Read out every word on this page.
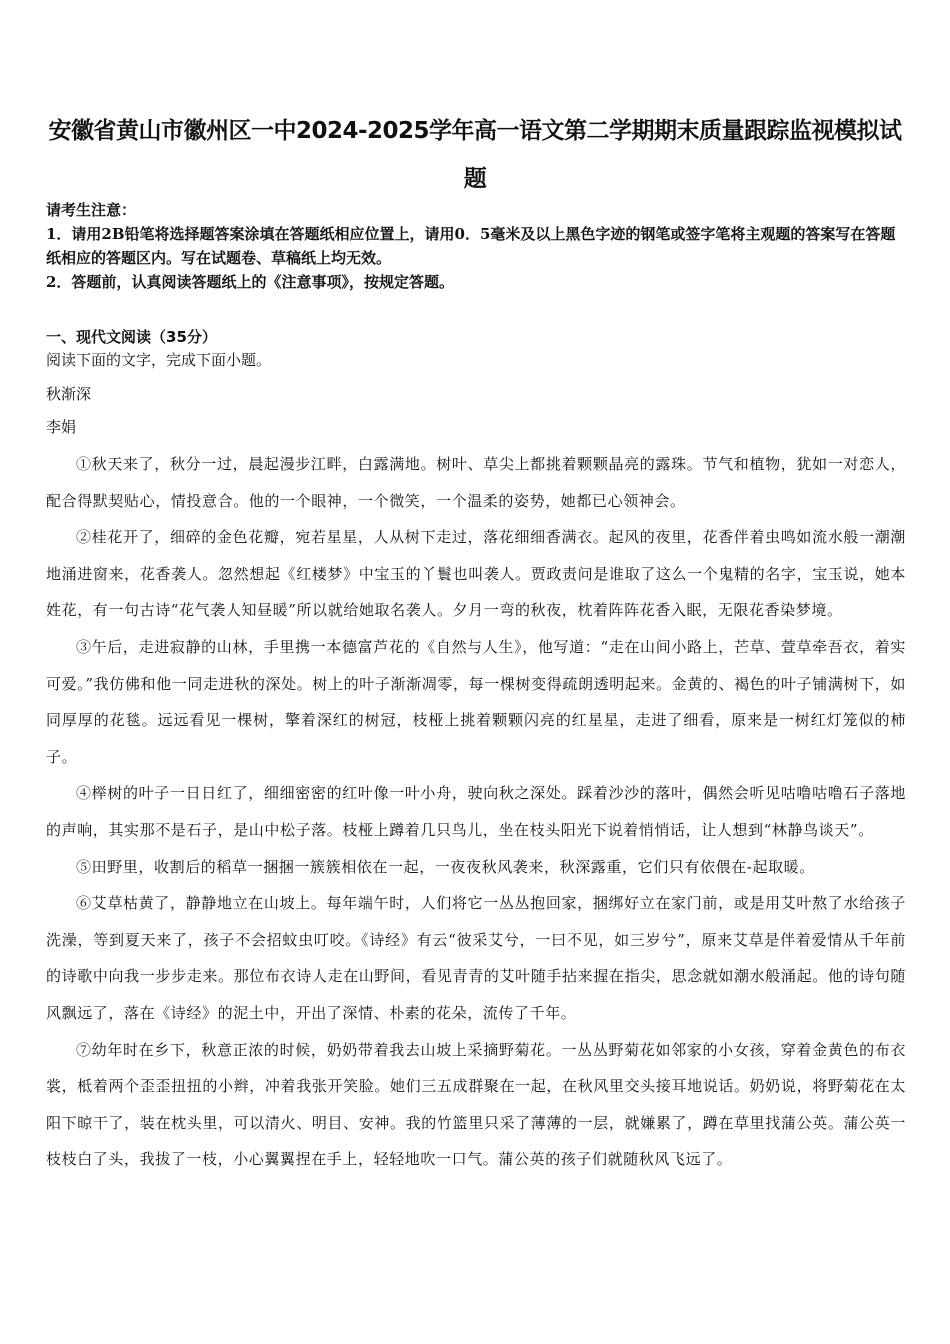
安徽省黄山市徽州区一中2024-2025学年高一语文第二学期期末质量跟踪监视模拟试
题

请考生注意：

1．请用2B铅笔将选择题答案涂填在答题纸相应位置上，请用0．5毫米及以上黑色字迹的钢笔或签字笔将主观题的答案写在答题纸相应的答题区内。写在试题卷、草稿纸上均无效。

2．答题前，认真阅读答题纸上的《注意事项》，按规定答题。

一、现代文阅读（35分）
阅读下面的文字，完成下面小题。
秋渐深
李娟

①秋天来了，秋分一过，晨起漫步江畔，白露满地。树叶、草尖上都挑着颗颗晶亮的露珠。节气和植物，犹如一对恋人，配合得默契贴心，情投意合。他的一个眼神，一个微笑，一个温柔的姿势，她都已心领神会。

②桂花开了，细碎的金色花瓣，宛若星星，人从树下走过，落花细细香满衣。起风的夜里，花香伴着虫鸣如流水般一潮潮地涌进窗来，花香袭人。忽然想起《红楼梦》中宝玉的丫鬟也叫袭人。贾政责问是谁取了这么一个鬼精的名字，宝玉说，她本姓花，有一句古诗“花气袭人知昼暖”所以就给她取名袭人。夕月一弯的秋夜，枕着阵阵花香入眠，无限花香染梦境。

③午后，走进寂静的山林，手里携一本德富芦花的《自然与人生》，他写道：“走在山间小路上，芒草、萱草牵吾衣，着实可爱。”我仿佛和他一同走进秋的深处。树上的叶子渐渐凋零，每一棵树变得疏朗透明起来。金黄的、褐色的叶子铺满树下，如同厚厚的花毯。远远看见一棵树，擎着深红的树冠，枝桠上挑着颗颗闪亮的红星星，走进了细看，原来是一树红灯笼似的柿子。

④榉树的叶子一日日红了，细细密密的红叶像一叶小舟，驶向秋之深处。踩着沙沙的落叶，偶然会听见咕噜咕噜石子落地的声响，其实那不是石子，是山中松子落。枝桠上蹲着几只鸟儿，坐在枝头阳光下说着悄悄话，让人想到“林静鸟谈天”。

⑤田野里，收割后的稻草一捆捆一簇簇相依在一起，一夜夜秋风袭来，秋深露重，它们只有依偎在-起取暖。

⑥艾草枯黄了，静静地立在山坡上。每年端午时，人们将它一丛丛抱回家，捆绑好立在家门前，或是用艾叶熬了水给孩子洗澡，等到夏天来了，孩子不会招蚊虫叮咬。《诗经》有云“彼采艾兮，一曰不见，如三岁兮”，原来艾草是伴着爱情从千年前的诗歌中向我一步步走来。那位布衣诗人走在山野间，看见青青的艾叶随手拈来握在指尖，思念就如潮水般涌起。他的诗句随风飘远了，落在《诗经》的泥土中，开出了深情、朴素的花朵，流传了千年。

⑦幼年时在乡下，秋意正浓的时候，奶奶带着我去山坡上采摘野菊花。一丛丛野菊花如邻家的小女孩，穿着金黄色的布衣裳，柢着两个歪歪扭扭的小辫，冲着我张开笑脸。她们三五成群聚在一起，在秋风里交头接耳地说话。奶奶说，将野菊花在太阳下晾干了，装在枕头里，可以清火、明目、安神。我的竹篮里只采了薄薄的一层，就嫌累了，蹲在草里找蒲公英。蒲公英一枝枝白了头，我拔了一枝，小心翼翼捏在手上，轻轻地吹一口气。蒲公英的孩子们就随秋风飞远了。
